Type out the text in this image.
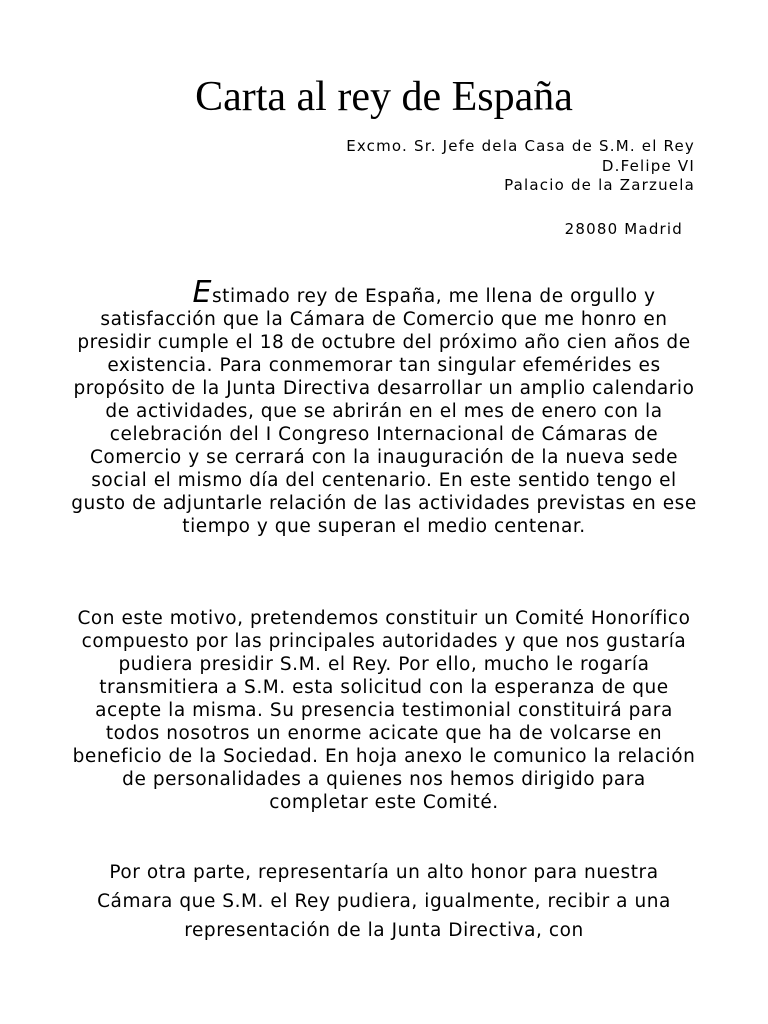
Carta al rey de España
Excmo. Sr. Jefe dela Casa de S.M. el Rey
D.Felipe VI
Palacio de la Zarzuela
28080 Madrid

Estimado rey de España, me llena de orgullo y satisfacción que la Cámara de Comercio que me honro en presidir cumple el 18 de octubre del próximo año cien años de existencia. Para conmemorar tan singular efemérides es propósito de la Junta Directiva desarrollar un amplio calendario de actividades, que se abrirán en el mes de enero con la celebración del I Congreso Internacional de Cámaras de Comercio y se cerrará con la inauguración de la nueva sede social el mismo día del centenario. En este sentido tengo el gusto de adjuntarle relación de las actividades previstas en ese tiempo y que superan el medio centenar.

Con este motivo, pretendemos constituir un Comité Honorífico compuesto por las principales autoridades y que nos gustaría pudiera presidir S.M. el Rey. Por ello, mucho le rogaría transmitiera a S.M. esta solicitud con la esperanza de que acepte la misma. Su presencia testimonial constituirá para todos nosotros un enorme acicate que ha de volcarse en beneficio de la Sociedad. En hoja anexo le comunico la relación de personalidades a quienes nos hemos dirigido para completar este Comité.

Por otra parte, representaría un alto honor para nuestra Cámara que S.M. el Rey pudiera, igualmente, recibir a una representación de la Junta Directiva, con
